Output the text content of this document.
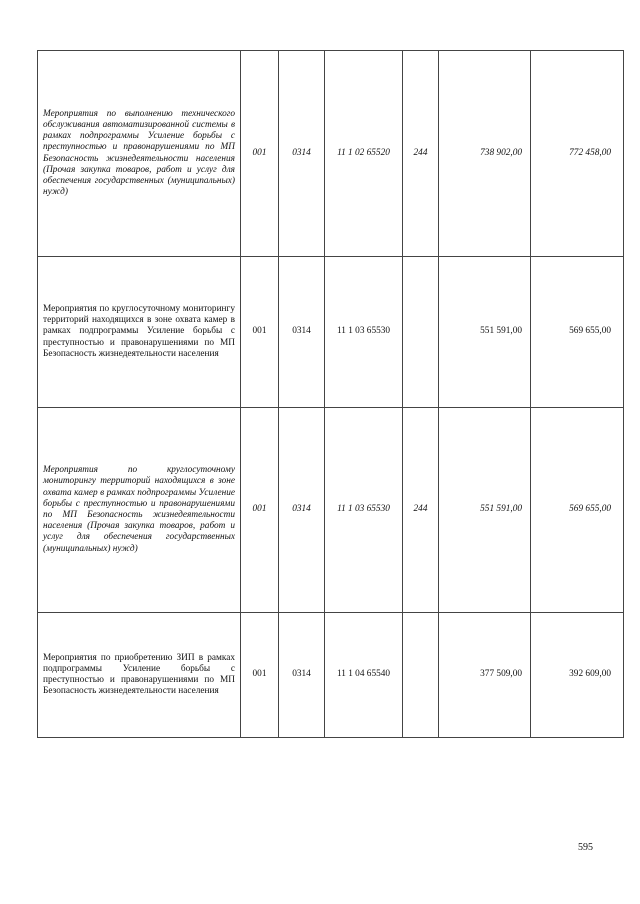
Мероприятия по выполнению технического обслуживания автоматизированной системы в рамках подпрограммы Усиление борьбы с преступностью и правонарушениями по МП Безопасность жизнедеятельности населения (Прочая закупка товаров, работ и услуг для обеспечения государственных (муниципальных) нужд)	001	0314	11 1 02 65520	244	738 902,00	772 458,00
Мероприятия по круглосуточному мониторингу территорий находящихся в зоне охвата камер в рамках подпрограммы Усиление борьбы с преступностью и правонарушениями по МП Безопасность жизнедеятельности населения	001	0314	11 1 03 65530		551 591,00	569 655,00
Мероприятия по круглосуточному мониторингу территорий находящихся в зоне охвата камер в рамках подпрограммы Усиление борьбы с преступностью и правонарушениями по МП Безопасность жизнедеятельности населения (Прочая закупка товаров, работ и услуг для обеспечения государственных (муниципальных) нужд)	001	0314	11 1 03 65530	244	551 591,00	569 655,00
Мероприятия по приобретению ЗИП в рамках подпрограммы Усиление борьбы с преступностью и правонарушениями по МП Безопасность жизнедеятельности населения	001	0314	11 1 04 65540		377 509,00	392 609,00
595
